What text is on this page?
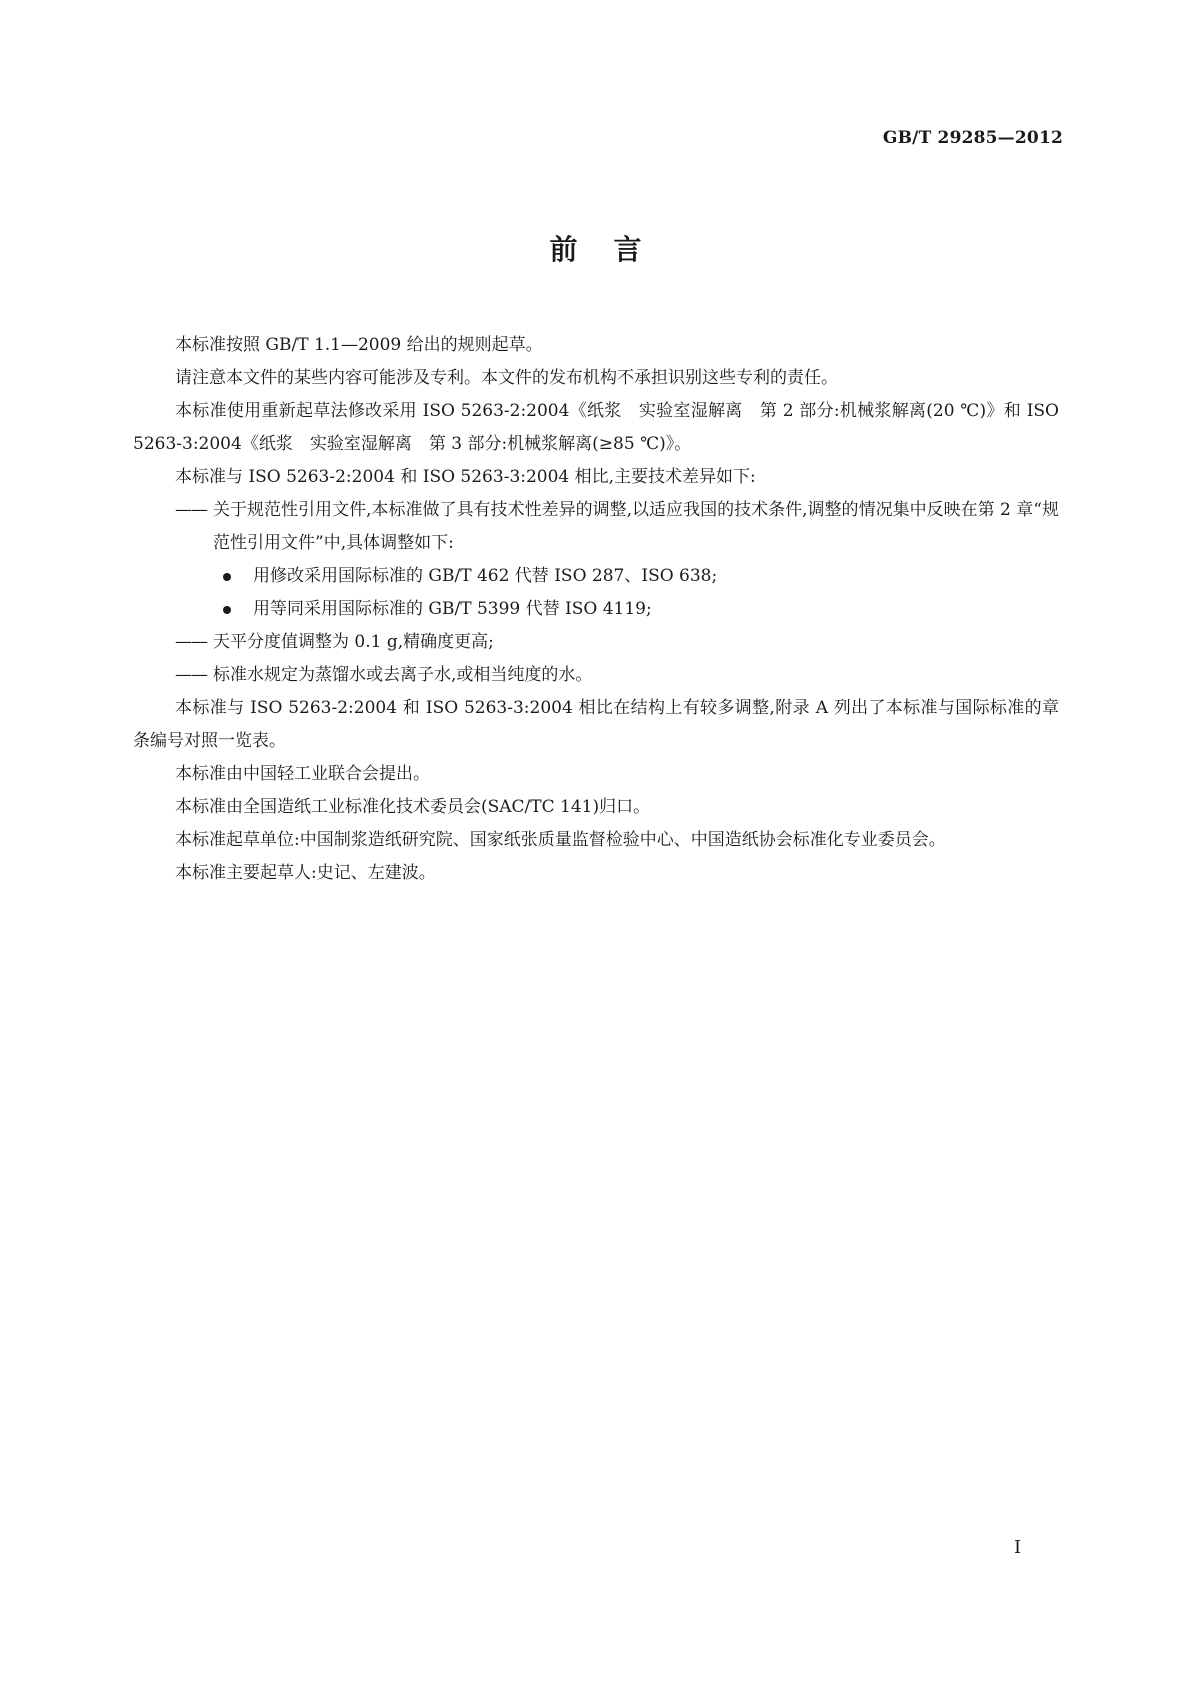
GB/T 29285—2012
前言

本标准按照 GB/T 1.1—2009 给出的规则起草。

请注意本文件的某些内容可能涉及专利。本文件的发布机构不承担识别这些专利的责任。

本标准使用重新起草法修改采用 ISO 5263-2:2004《纸浆　实验室湿解离　第 2 部分:机械浆解离(20 ℃)》和 ISO 5263-3:2004《纸浆　实验室湿解离　第 3 部分:机械浆解离(≥85 ℃)》。

本标准与 ISO 5263-2:2004 和 ISO 5263-3:2004 相比,主要技术差异如下:

—— 关于规范性引用文件,本标准做了具有技术性差异的调整,以适应我国的技术条件,调整的情况集中反映在第 2 章“规范性引用文件”中,具体调整如下:
用修改采用国际标准的 GB/T 462 代替 ISO 287、ISO 638;
用等同采用国际标准的 GB/T 5399 代替 ISO 4119;
—— 天平分度值调整为 0.1 g,精确度更高;
—— 标准水规定为蒸馏水或去离子水,或相当纯度的水。

本标准与 ISO 5263-2:2004 和 ISO 5263-3:2004 相比在结构上有较多调整,附录 A 列出了本标准与国际标准的章条编号对照一览表。

本标准由中国轻工业联合会提出。

本标准由全国造纸工业标准化技术委员会(SAC/TC 141)归口。

本标准起草单位:中国制浆造纸研究院、国家纸张质量监督检验中心、中国造纸协会标准化专业委员会。

本标准主要起草人:史记、左建波。

I
